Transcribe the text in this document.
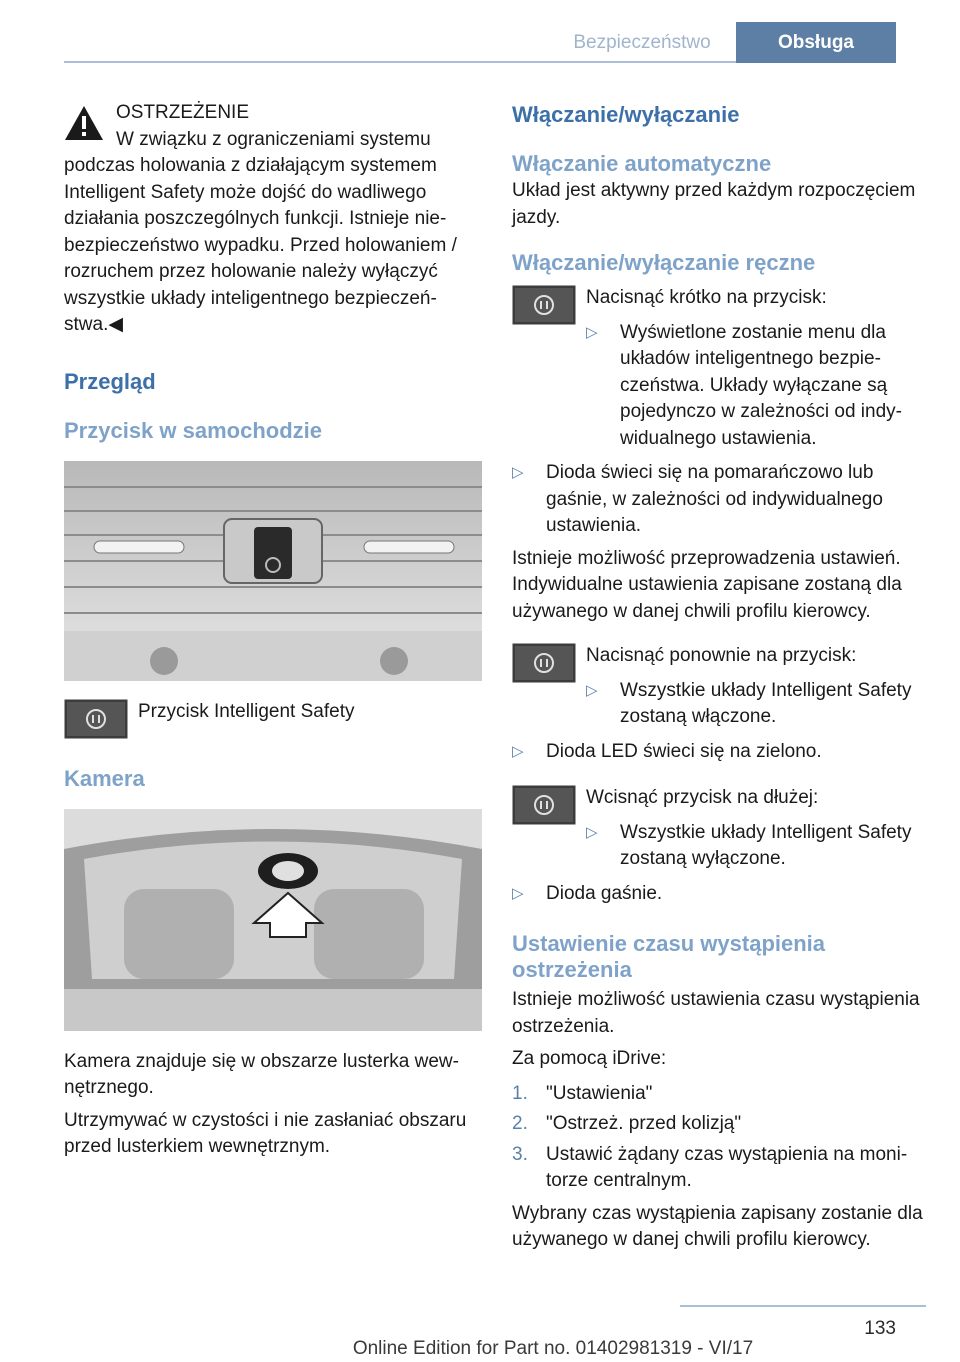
Bezpieczeństwo	Obsługa

OSTRZEŻENIE

W związku z ograniczeniami systemu

podczas holowania z działającym systemem Intelligent Safety może dojść do wadliwego działania poszczególnych funkcji. Istnieje niebezpieczeństwo wypadku. Przed holowaniem / rozruchem przez holowanie należy wyłączyć wszystkie układy inteligentnego bezpieczeństwa.◀

Przegląd
Przycisk w samochodzie

Przycisk Intelligent Safety

Kamera

Kamera znajduje się w obszarze lusterka wewnętrznego.

Utrzymywać w czystości i nie zasłaniać obszaru przed lusterkiem wewnętrznym.

Włączanie/wyłączanie
Włączanie automatyczne

Układ jest aktywny przed każdym rozpoczęciem jazdy.

Włączanie/wyłączanie ręczne

Nacisnąć krótko na przycisk:

▷	Wyświetlone zostanie menu dla układów inteligentnego bezpieczeństwa. Układy wyłączane są pojedynczo w zależności od indywidualnego ustawienia.

▷	Dioda świeci się na pomarańczowo lub gaśnie, w zależności od indywidualnego ustawienia.

Istnieje możliwość przeprowadzenia ustawień. Indywidualne ustawienia zapisane zostaną dla używanego w danej chwili profilu kierowcy.

Nacisnąć ponownie na przycisk:

▷	Wszystkie układy Intelligent Safety zostaną włączone.

▷	Dioda LED świeci się na zielono.

Wcisnąć przycisk na dłużej:

▷	Wszystkie układy Intelligent Safety zostaną wyłączone.

▷	Dioda gaśnie.

Ustawienie czasu wystąpienia ostrzeżenia

Istnieje możliwość ustawienia czasu wystąpienia ostrzeżenia.

Za pomocą iDrive:

1. "Ustawienia"

2. "Ostrzeż. przed kolizją"

3. Ustawić żądany czas wystąpienia na monitorze centralnym.

Wybrany czas wystąpienia zapisany zostanie dla używanego w danej chwili profilu kierowcy.

133
Online Edition for Part no. 01402981319 - VI/17
